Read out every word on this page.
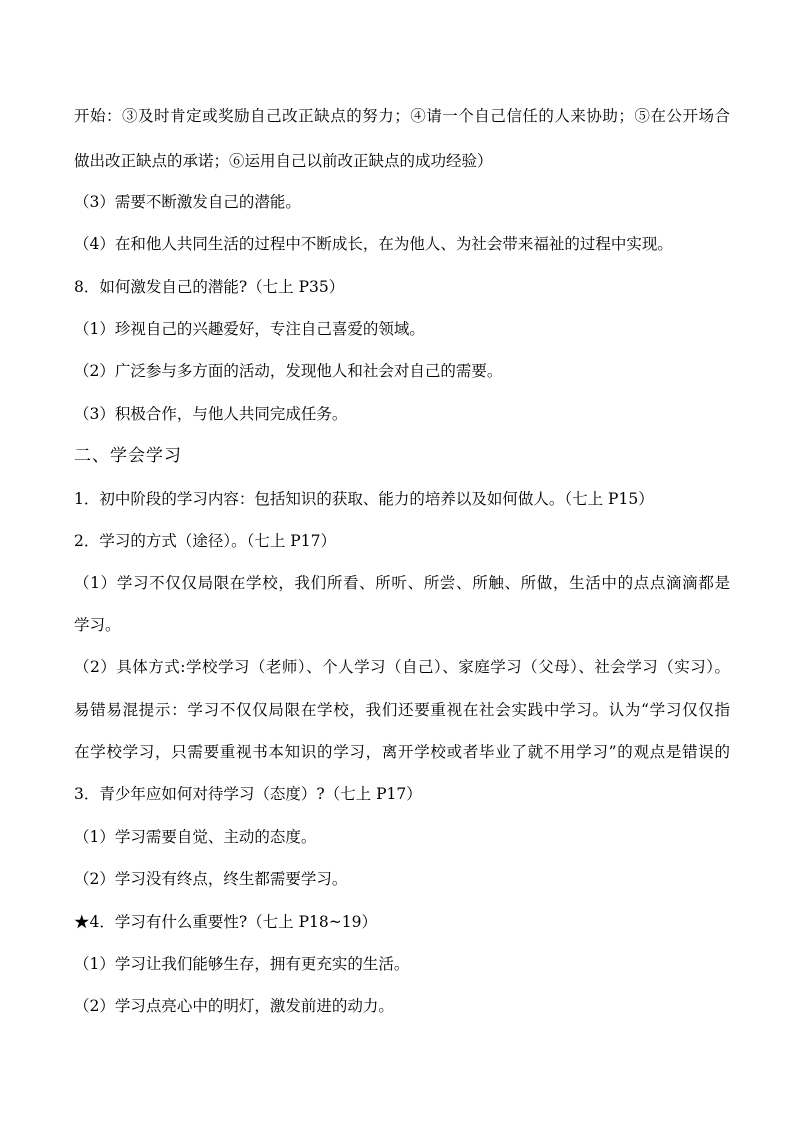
开始：③及时肯定或奖励自己改正缺点的努力；④请一个自己信任的人来协助；⑤在公开场合
做出改正缺点的承诺；⑥运用自己以前改正缺点的成功经验）
（3）需要不断激发自己的潜能。
（4）在和他人共同生活的过程中不断成长，在为他人、为社会带来福祉的过程中实现。
8．如何激发自己的潜能?（七上 P35）
（1）珍视自己的兴趣爱好，专注自己喜爱的领域。
（2）广泛参与多方面的活动，发现他人和社会对自己的需要。
（3）积极合作，与他人共同完成任务。
二、学会学习
1．初中阶段的学习内容：包括知识的获取、能力的培养以及如何做人。（七上 P15）
2．学习的方式（途径）。（七上 P17）
（1）学习不仅仅局限在学校，我们所看、所听、所尝、所触、所做，生活中的点点滴滴都是
学习。
（2）具体方式:学校学习（老师）、个人学习（自己）、家庭学习（父母）、社会学习（实习）。
易错易混提示：学习不仅仅局限在学校，我们还要重视在社会实践中学习。认为“学习仅仅指
在学校学习，只需要重视书本知识的学习，离开学校或者毕业了就不用学习”的观点是错误的
3．青少年应如何对待学习（态度）?（七上 P17）
（1）学习需要自觉、主动的态度。
（2）学习没有终点，终生都需要学习。
★4．学习有什么重要性?（七上 P18~19）
（1）学习让我们能够生存，拥有更充实的生活。
（2）学习点亮心中的明灯，激发前进的动力。
